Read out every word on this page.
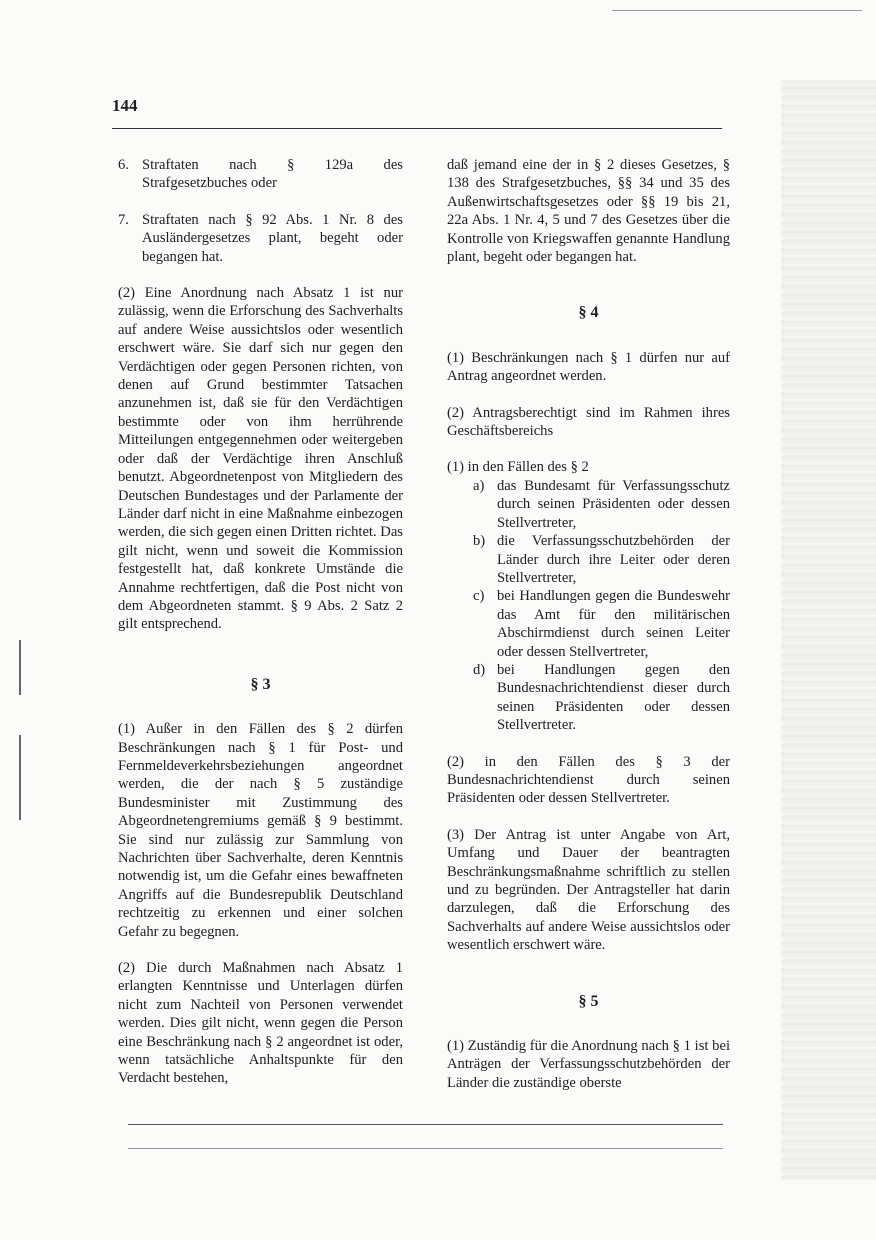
144
6. Straftaten nach § 129a des Strafgesetzbuches oder
7. Straftaten nach § 92 Abs. 1 Nr. 8 des Ausländergesetzes plant, begeht oder begangen hat.

(2) Eine Anordnung nach Absatz 1 ist nur zulässig, wenn die Erforschung des Sachverhalts auf andere Weise aussichtslos oder wesentlich erschwert wäre. Sie darf sich nur gegen den Verdächtigen oder gegen Personen richten, von denen auf Grund bestimmter Tatsachen anzunehmen ist, daß sie für den Verdächtigen bestimmte oder von ihm herrührende Mitteilungen entgegennehmen oder weitergeben oder daß der Verdächtige ihren Anschluß benutzt. Abgeordnetenpost von Mitgliedern des Deutschen Bundestages und der Parlamente der Länder darf nicht in eine Maßnahme einbezogen werden, die sich gegen einen Dritten richtet. Das gilt nicht, wenn und soweit die Kommission festgestellt hat, daß konkrete Umstände die Annahme rechtfertigen, daß die Post nicht von dem Abgeordneten stammt. § 9 Abs. 2 Satz 2 gilt entsprechend.

§ 3

(1) Außer in den Fällen des § 2 dürfen Beschränkungen nach § 1 für Post- und Fernmeldeverkehrsbeziehungen angeordnet werden, die der nach § 5 zuständige Bundesminister mit Zustimmung des Abgeordnetengremiums gemäß § 9 bestimmt. Sie sind nur zulässig zur Sammlung von Nachrichten über Sachverhalte, deren Kenntnis notwendig ist, um die Gefahr eines bewaffneten Angriffs auf die Bundesrepublik Deutschland rechtzeitig zu erkennen und einer solchen Gefahr zu begegnen.

(2) Die durch Maßnahmen nach Absatz 1 erlangten Kenntnisse und Unterlagen dürfen nicht zum Nachteil von Personen verwendet werden. Dies gilt nicht, wenn gegen die Person eine Beschränkung nach § 2 angeordnet ist oder, wenn tatsächliche Anhaltspunkte für den Verdacht bestehen,

daß jemand eine der in § 2 dieses Gesetzes, § 138 des Strafgesetzbuches, §§ 34 und 35 des Außenwirtschaftsgesetzes oder §§ 19 bis 21, 22a Abs. 1 Nr. 4, 5 und 7 des Gesetzes über die Kontrolle von Kriegswaffen genannte Handlung plant, begeht oder begangen hat.

§ 4

(1) Beschränkungen nach § 1 dürfen nur auf Antrag angeordnet werden.

(2) Antragsberechtigt sind im Rahmen ihres Geschäftsbereichs

(1) in den Fällen des § 2

a) das Bundesamt für Verfassungsschutz durch seinen Präsidenten oder dessen Stellvertreter,
b) die Verfassungsschutzbehörden der Länder durch ihre Leiter oder deren Stellvertreter,
c) bei Handlungen gegen die Bundeswehr das Amt für den militärischen Abschirmdienst durch seinen Leiter oder dessen Stellvertreter,
d) bei Handlungen gegen den Bundesnachrichtendienst dieser durch seinen Präsidenten oder dessen Stellvertreter.

(2) in den Fällen des § 3 der Bundesnachrichtendienst durch seinen Präsidenten oder dessen Stellvertreter.

(3) Der Antrag ist unter Angabe von Art, Umfang und Dauer der beantragten Beschränkungsmaßnahme schriftlich zu stellen und zu begründen. Der Antragsteller hat darin darzulegen, daß die Erforschung des Sachverhalts auf andere Weise aussichtslos oder wesentlich erschwert wäre.

§ 5

(1) Zuständig für die Anordnung nach § 1 ist bei Anträgen der Verfassungsschutzbehörden der Länder die zuständige oberste
